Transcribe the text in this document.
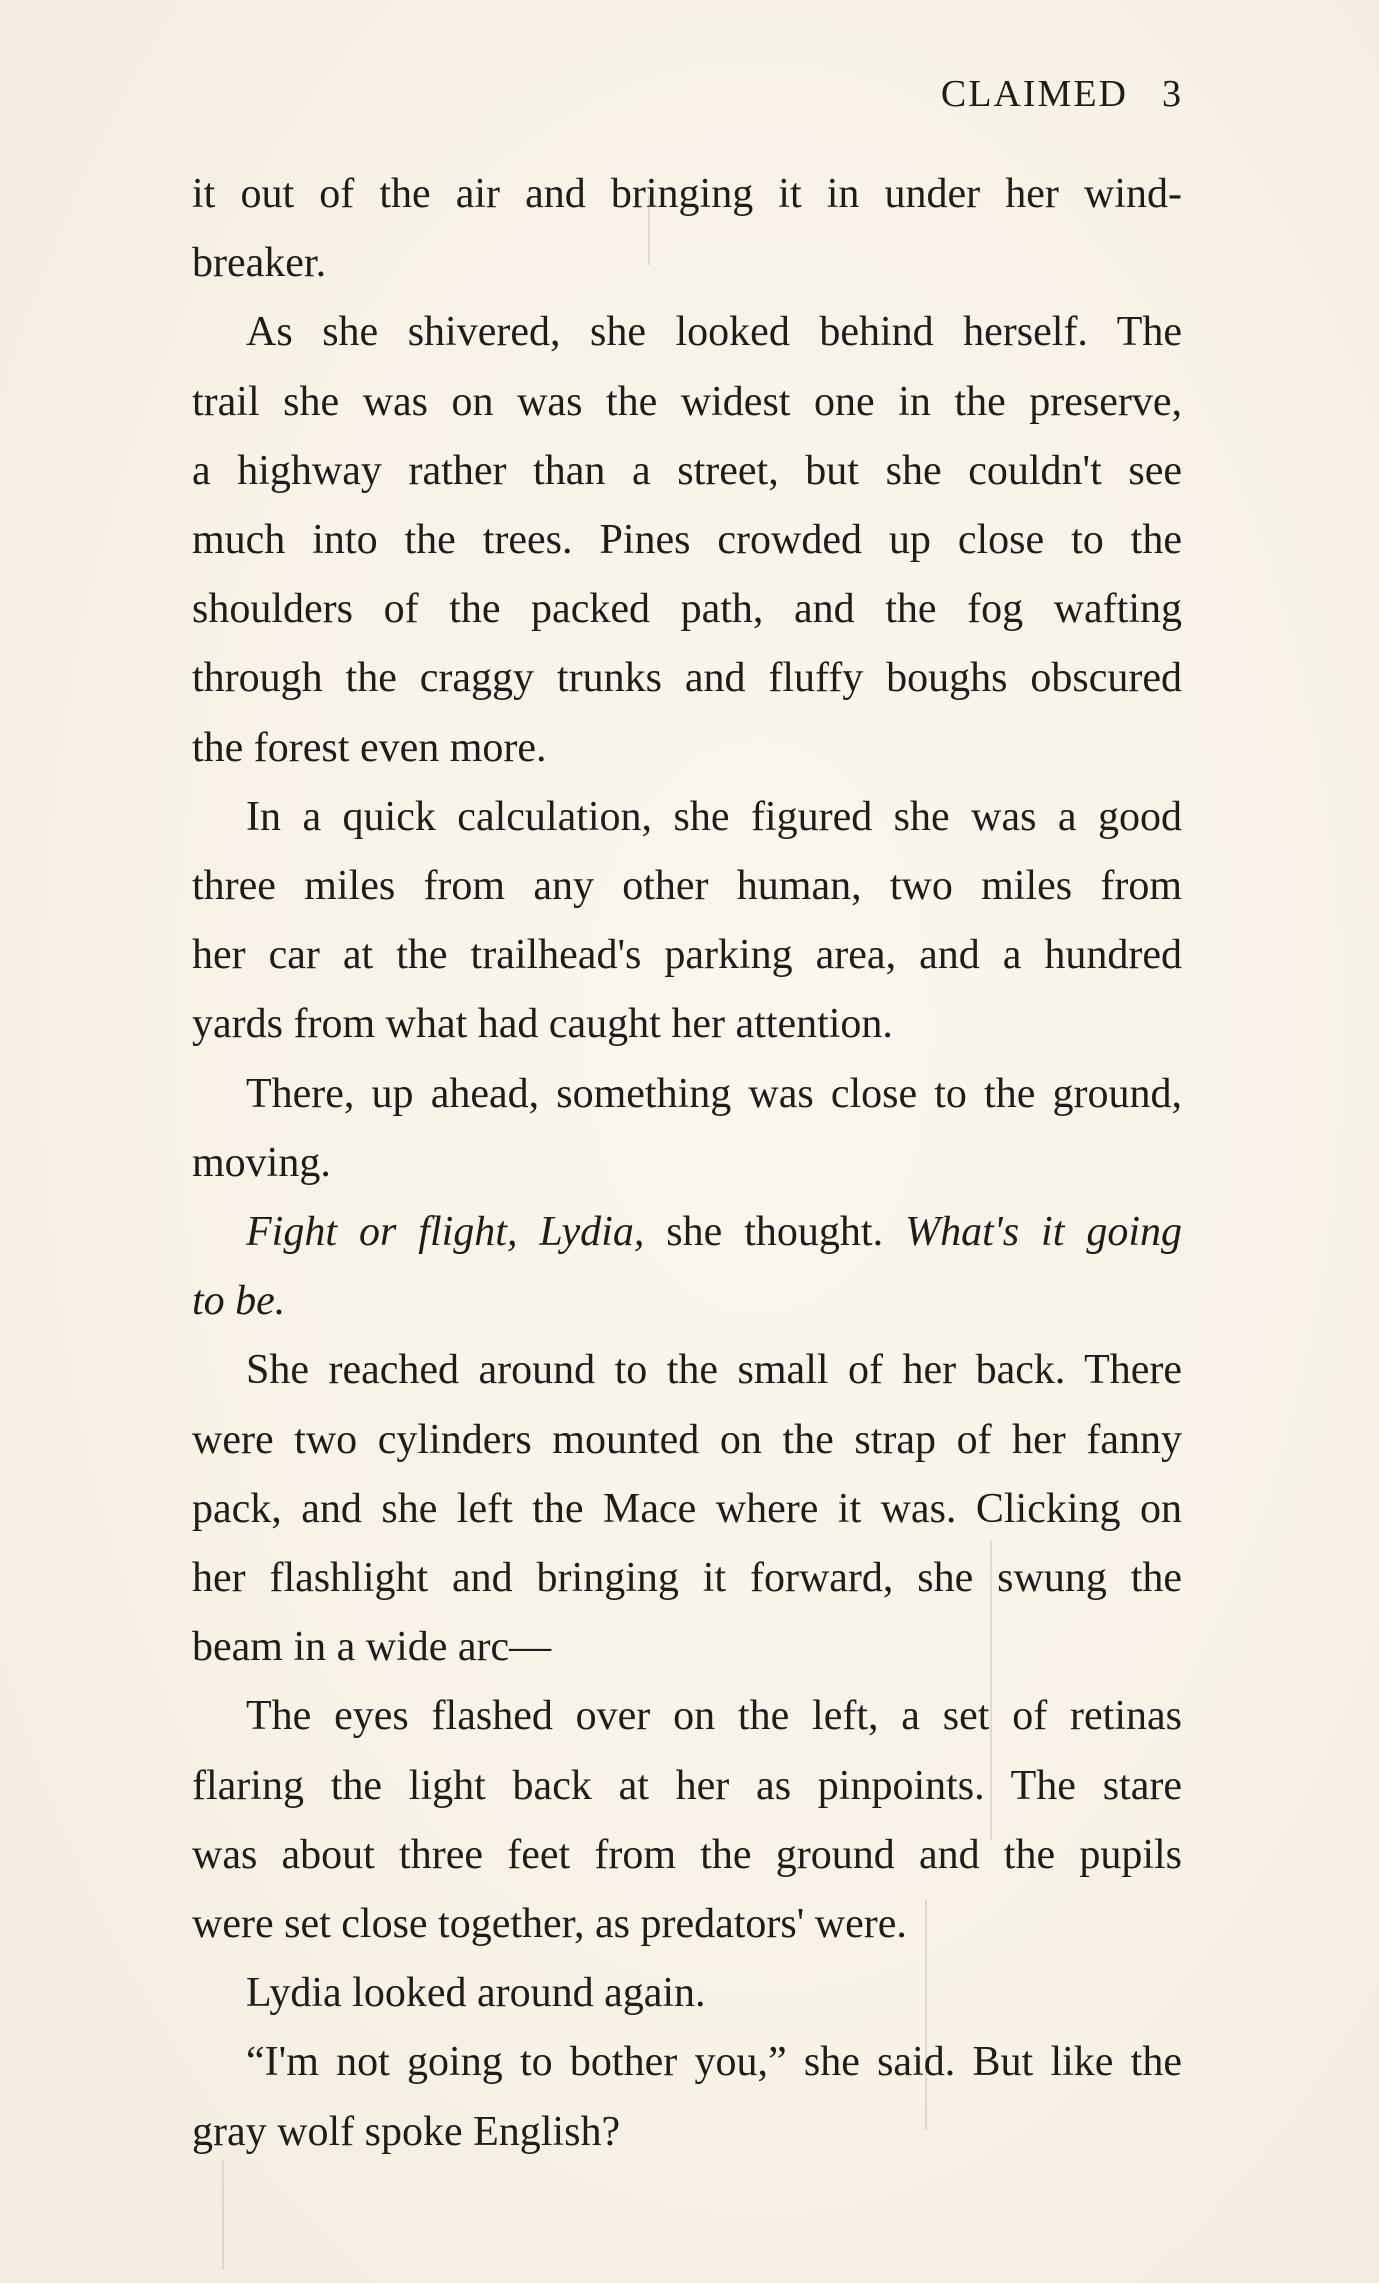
CLAIMED 3
it out of the air and bringing it in under her wind-
breaker.
As she shivered, she looked behind herself. The
trail she was on was the widest one in the preserve,
a highway rather than a street, but she couldn't see
much into the trees. Pines crowded up close to the
shoulders of the packed path, and the fog wafting
through the craggy trunks and fluffy boughs obscured
the forest even more.
In a quick calculation, she figured she was a good
three miles from any other human, two miles from
her car at the trailhead's parking area, and a hundred
yards from what had caught her attention.
There, up ahead, something was close to the ground,
moving.
Fight or flight, Lydia, she thought. What's it going
to be.
She reached around to the small of her back. There
were two cylinders mounted on the strap of her fanny
pack, and she left the Mace where it was. Clicking on
her flashlight and bringing it forward, she swung the
beam in a wide arc—
The eyes flashed over on the left, a set of retinas
flaring the light back at her as pinpoints. The stare
was about three feet from the ground and the pupils
were set close together, as predators' were.
Lydia looked around again.
“I'm not going to bother you,” she said. But like the
gray wolf spoke English?
